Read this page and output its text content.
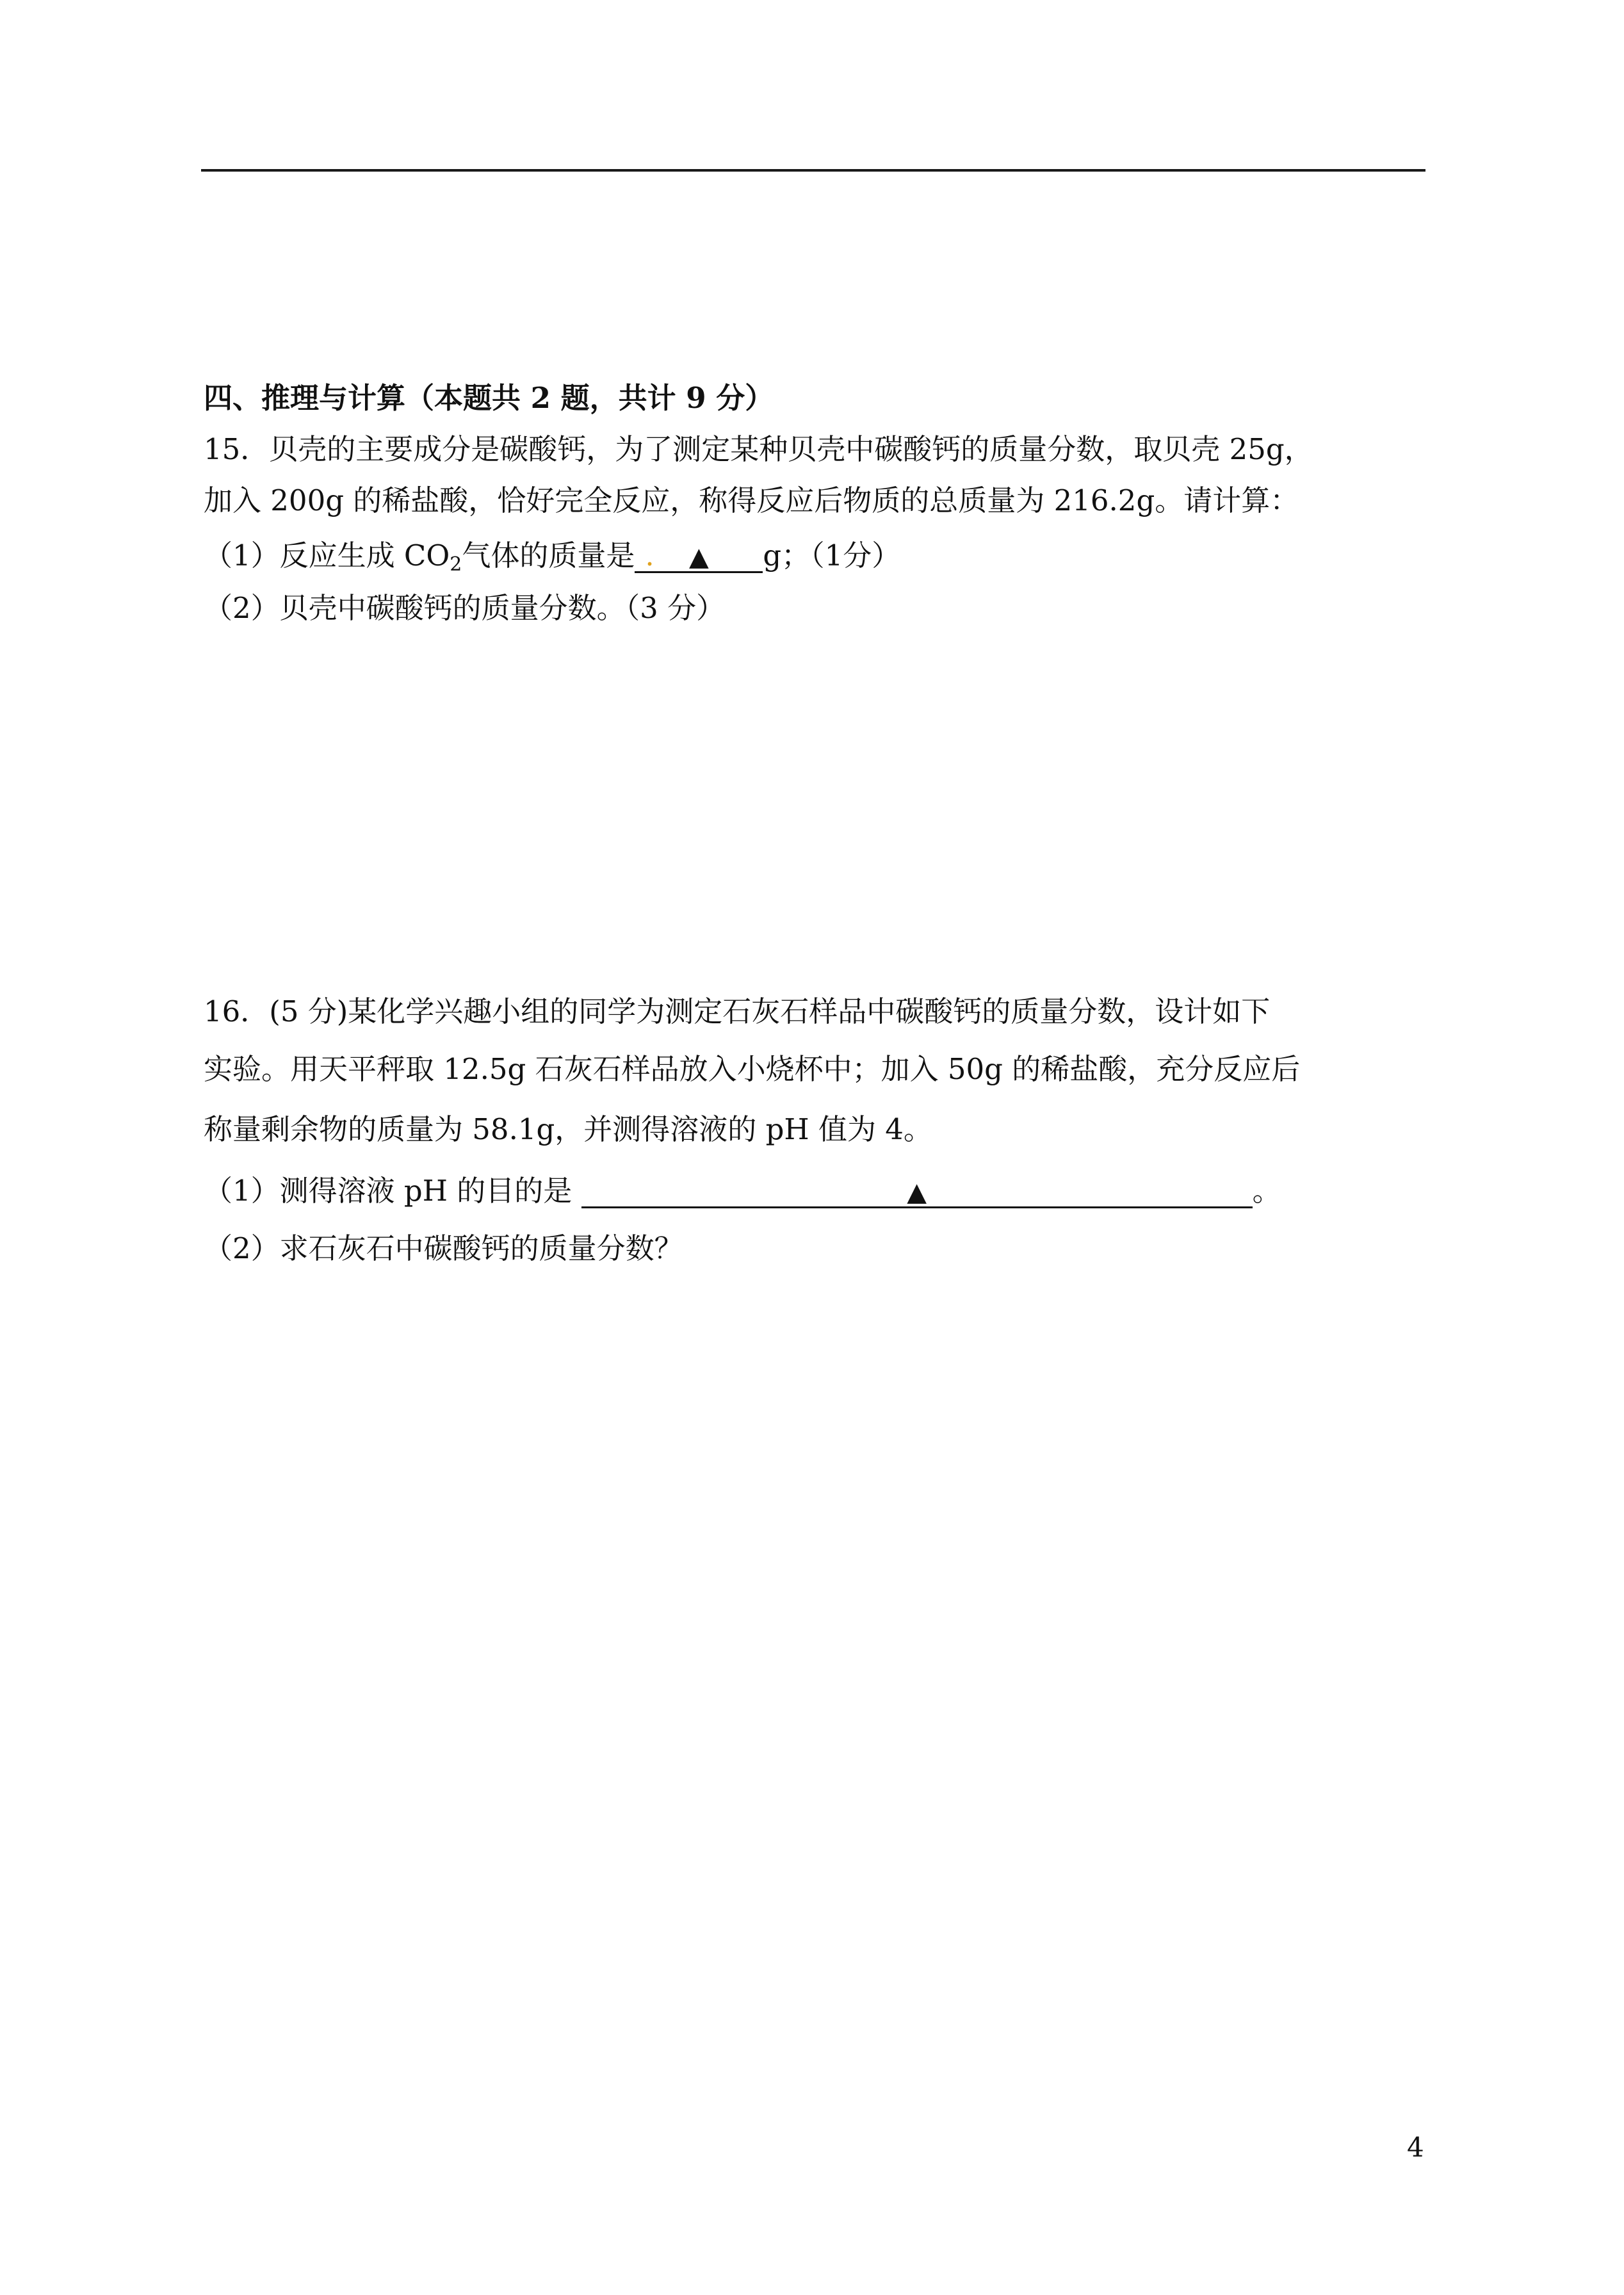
四、推理与计算（本题共 2 题，共计 9 分）
15．贝壳的主要成分是碳酸钙，为了测定某种贝壳中碳酸钙的质量分数，取贝壳 25g，
加入 200g 的稀盐酸，恰好完全反应，称得反应后物质的总质量为 216.2g。请计算：
（1）反应生成 $CO_2$气体的质量是 . ▲ g；（1分）
（2）贝壳中碳酸钙的质量分数。（3 分）
16．(5 分)某化学兴趣小组的同学为测定石灰石样品中碳酸钙的质量分数，设计如下
实验。用天平秤取 12.5g 石灰石样品放入小烧杯中；加入 50g 的稀盐酸，充分反应后
称量剩余物的质量为 58.1g，并测得溶液的 pH 值为 4。
（1）测得溶液 pH 的目的是	▲	。
（2）求石灰石中碳酸钙的质量分数？
4
